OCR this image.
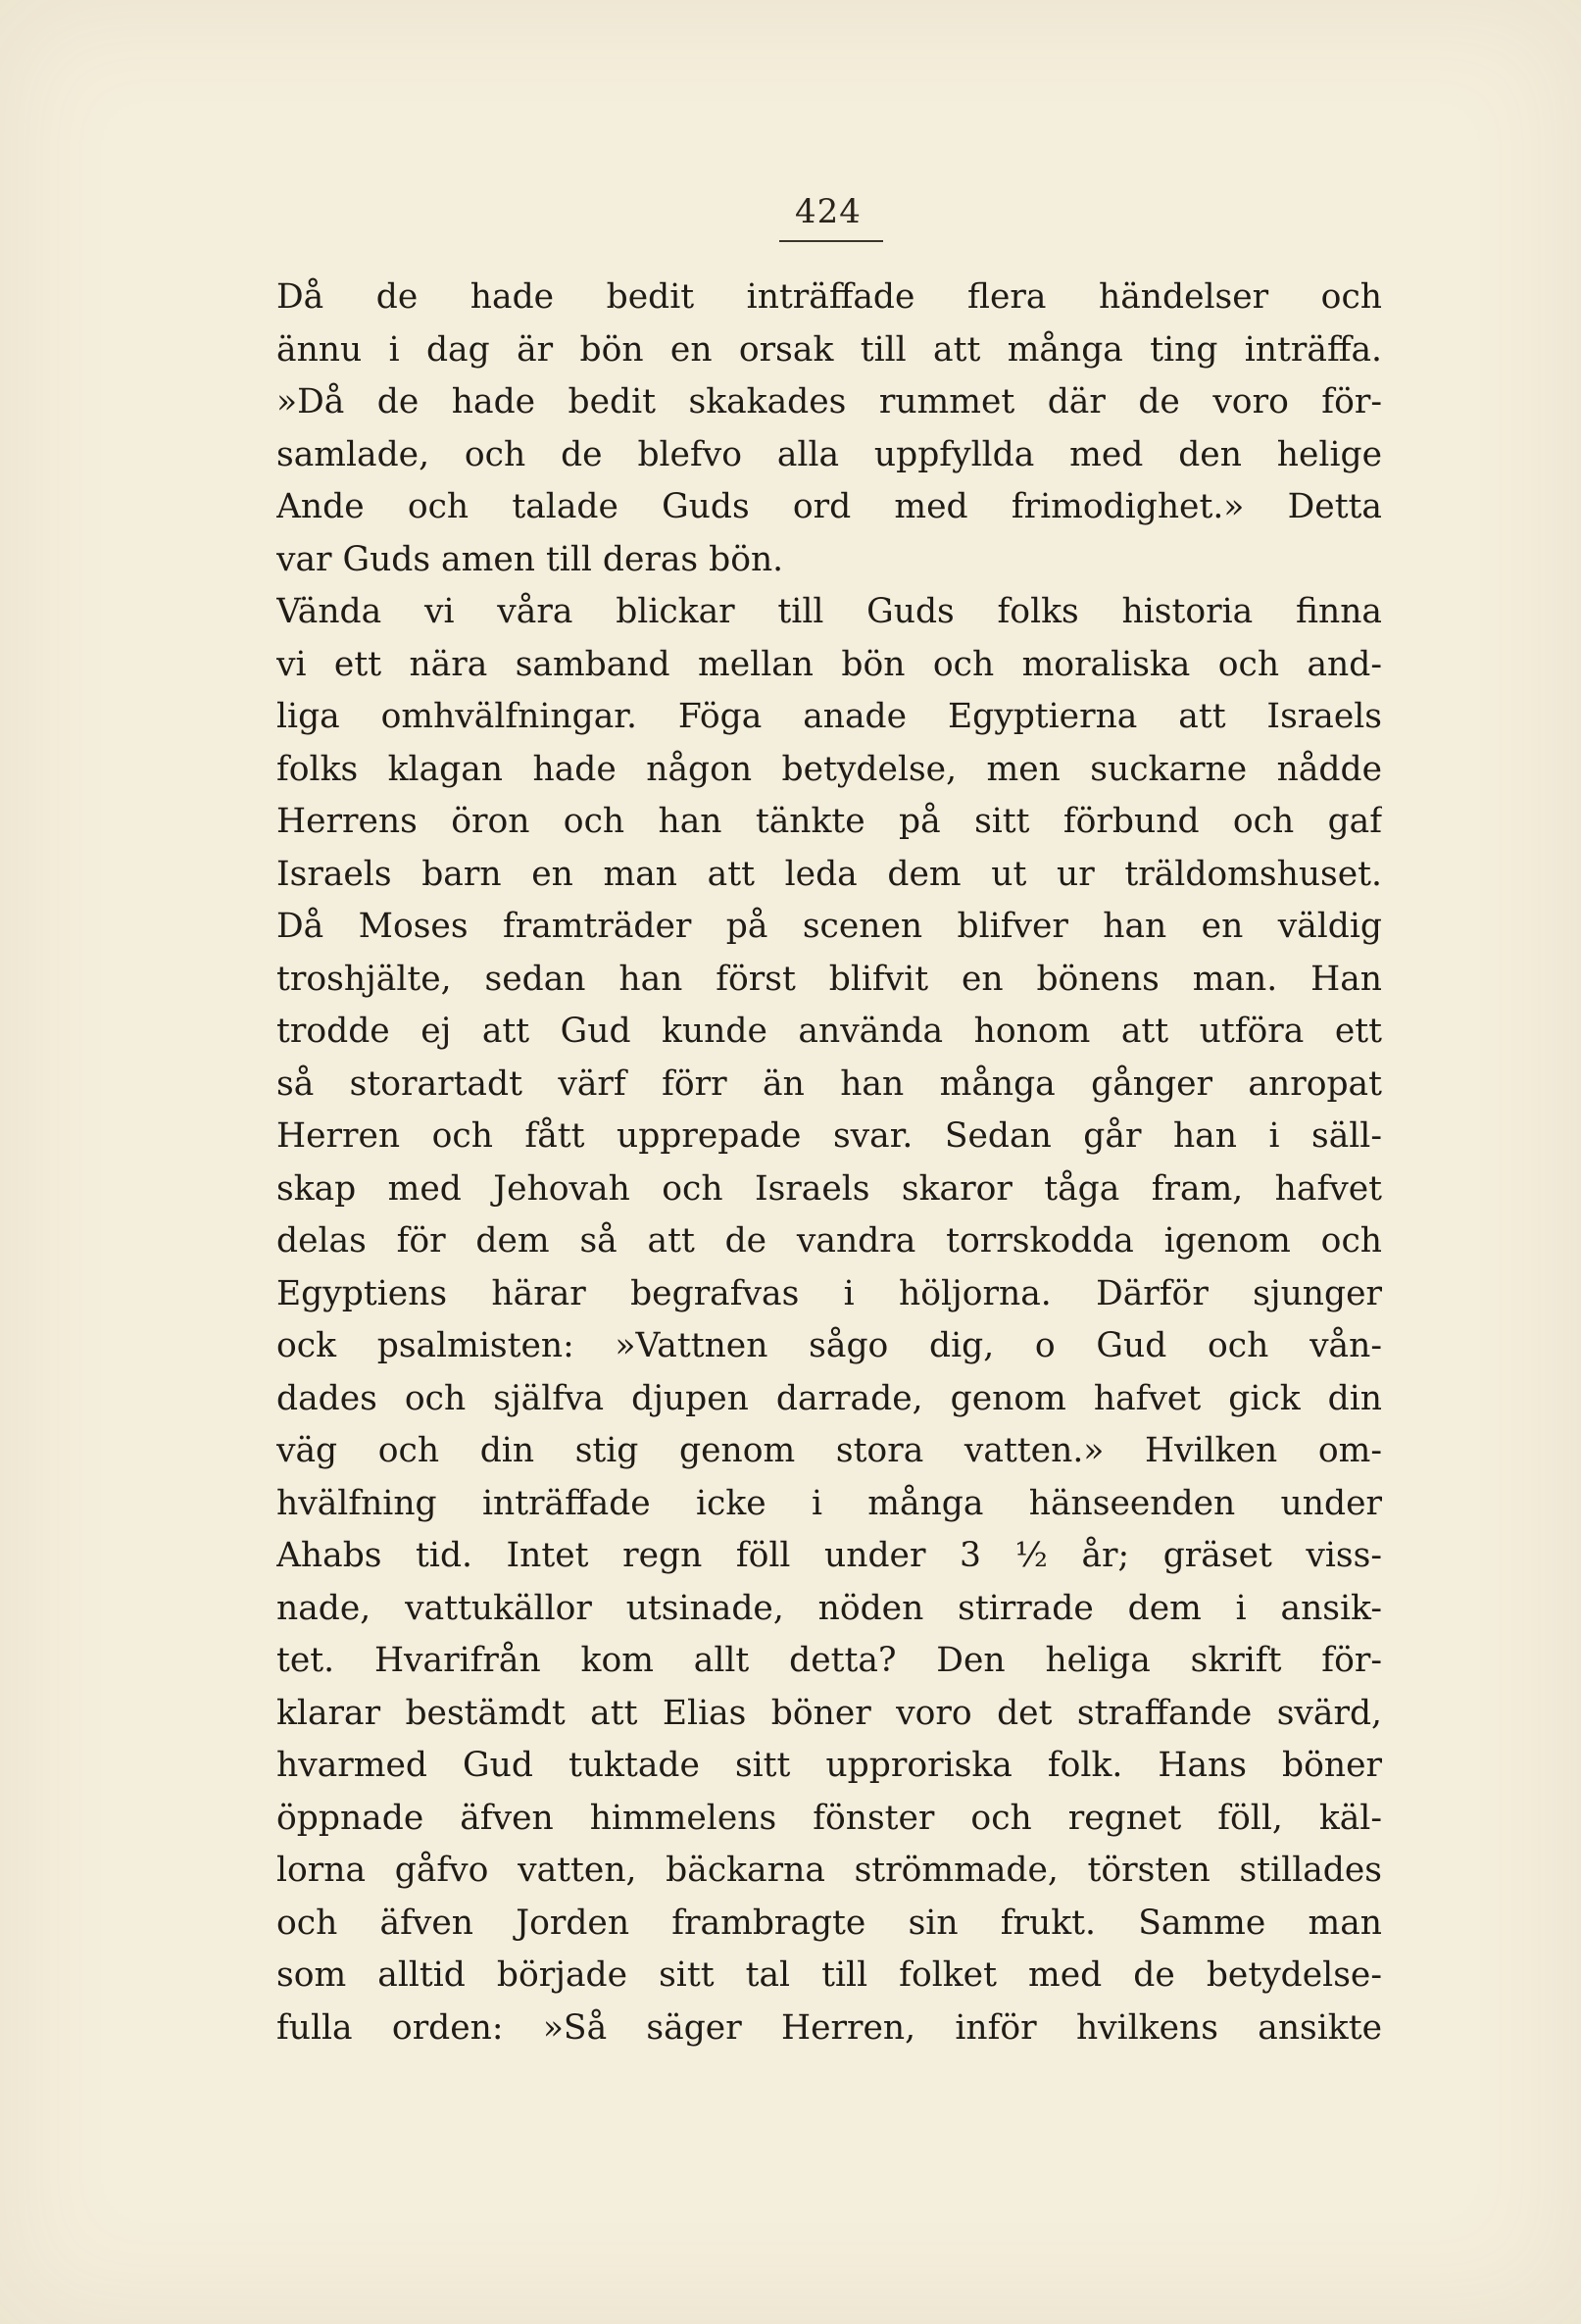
424
Då de hade bedit inträffade flera händelser och
ännu i dag är bön en orsak till att många ting inträffa.
»Då de hade bedit skakades rummet där de voro för-
samlade, och de blefvo alla uppfyllda med den helige
Ande och talade Guds ord med frimodighet.» Detta
var Guds amen till deras bön.
Vända vi våra blickar till Guds folks historia finna
vi ett nära samband mellan bön och moraliska och and-
liga omhvälfningar. Föga anade Egyptierna att Israels
folks klagan hade någon betydelse, men suckarne nådde
Herrens öron och han tänkte på sitt förbund och gaf
Israels barn en man att leda dem ut ur träldomshuset.
Då Moses framträder på scenen blifver han en väldig
troshjälte, sedan han först blifvit en bönens man. Han
trodde ej att Gud kunde använda honom att utföra ett
så storartadt värf förr än han många gånger anropat
Herren och fått upprepade svar. Sedan går han i säll-
skap med Jehovah och Israels skaror tåga fram, hafvet
delas för dem så att de vandra torrskodda igenom och
Egyptiens härar begrafvas i höljorna. Därför sjunger
ock psalmisten: »Vattnen sågo dig, o Gud och vån-
dades och själfva djupen darrade, genom hafvet gick din
väg och din stig genom stora vatten.» Hvilken om-
hvälfning inträffade icke i många hänseenden under
Ahabs tid. Intet regn föll under 3 ½ år; gräset viss-
nade, vattukällor utsinade, nöden stirrade dem i ansik-
tet. Hvarifrån kom allt detta? Den heliga skrift för-
klarar bestämdt att Elias böner voro det straffande svärd,
hvarmed Gud tuktade sitt upproriska folk. Hans böner
öppnade äfven himmelens fönster och regnet föll, käl-
lorna gåfvo vatten, bäckarna strömmade, törsten stillades
och äfven Jorden frambragte sin frukt. Samme man
som alltid började sitt tal till folket med de betydelse-
fulla orden: »Så säger Herren, inför hvilkens ansikte
